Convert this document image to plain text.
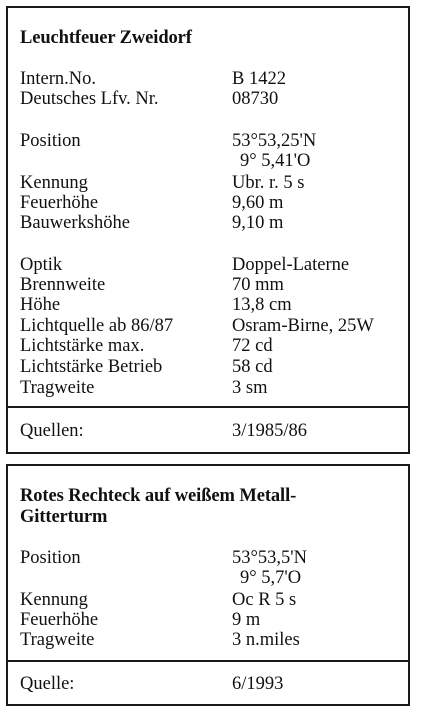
Leuchtfeuer Zweidorf
Intern.No.	B 1422
Deutsches Lfv. Nr.	08730
Position	53°53,25'N
9° 5,41'O
Kennung	Ubr. r. 5 s
Feuerhöhe	9,60 m
Bauwerkshöhe	9,10 m
Optik	Doppel-Laterne
Brennweite	70 mm
Höhe	13,8 cm
Lichtquelle ab 86/87	Osram-Birne, 25W
Lichtstärke max.	72 cd
Lichtstärke Betrieb	58 cd
Tragweite	3 sm
Quellen:	3/1985/86
Rotes Rechteck auf weißem Metall-
Gitterturm
Position	53°53,5'N
9° 5,7'O
Kennung	Oc R 5 s
Feuerhöhe	9 m
Tragweite	3 n.miles
Quelle:	6/1993
